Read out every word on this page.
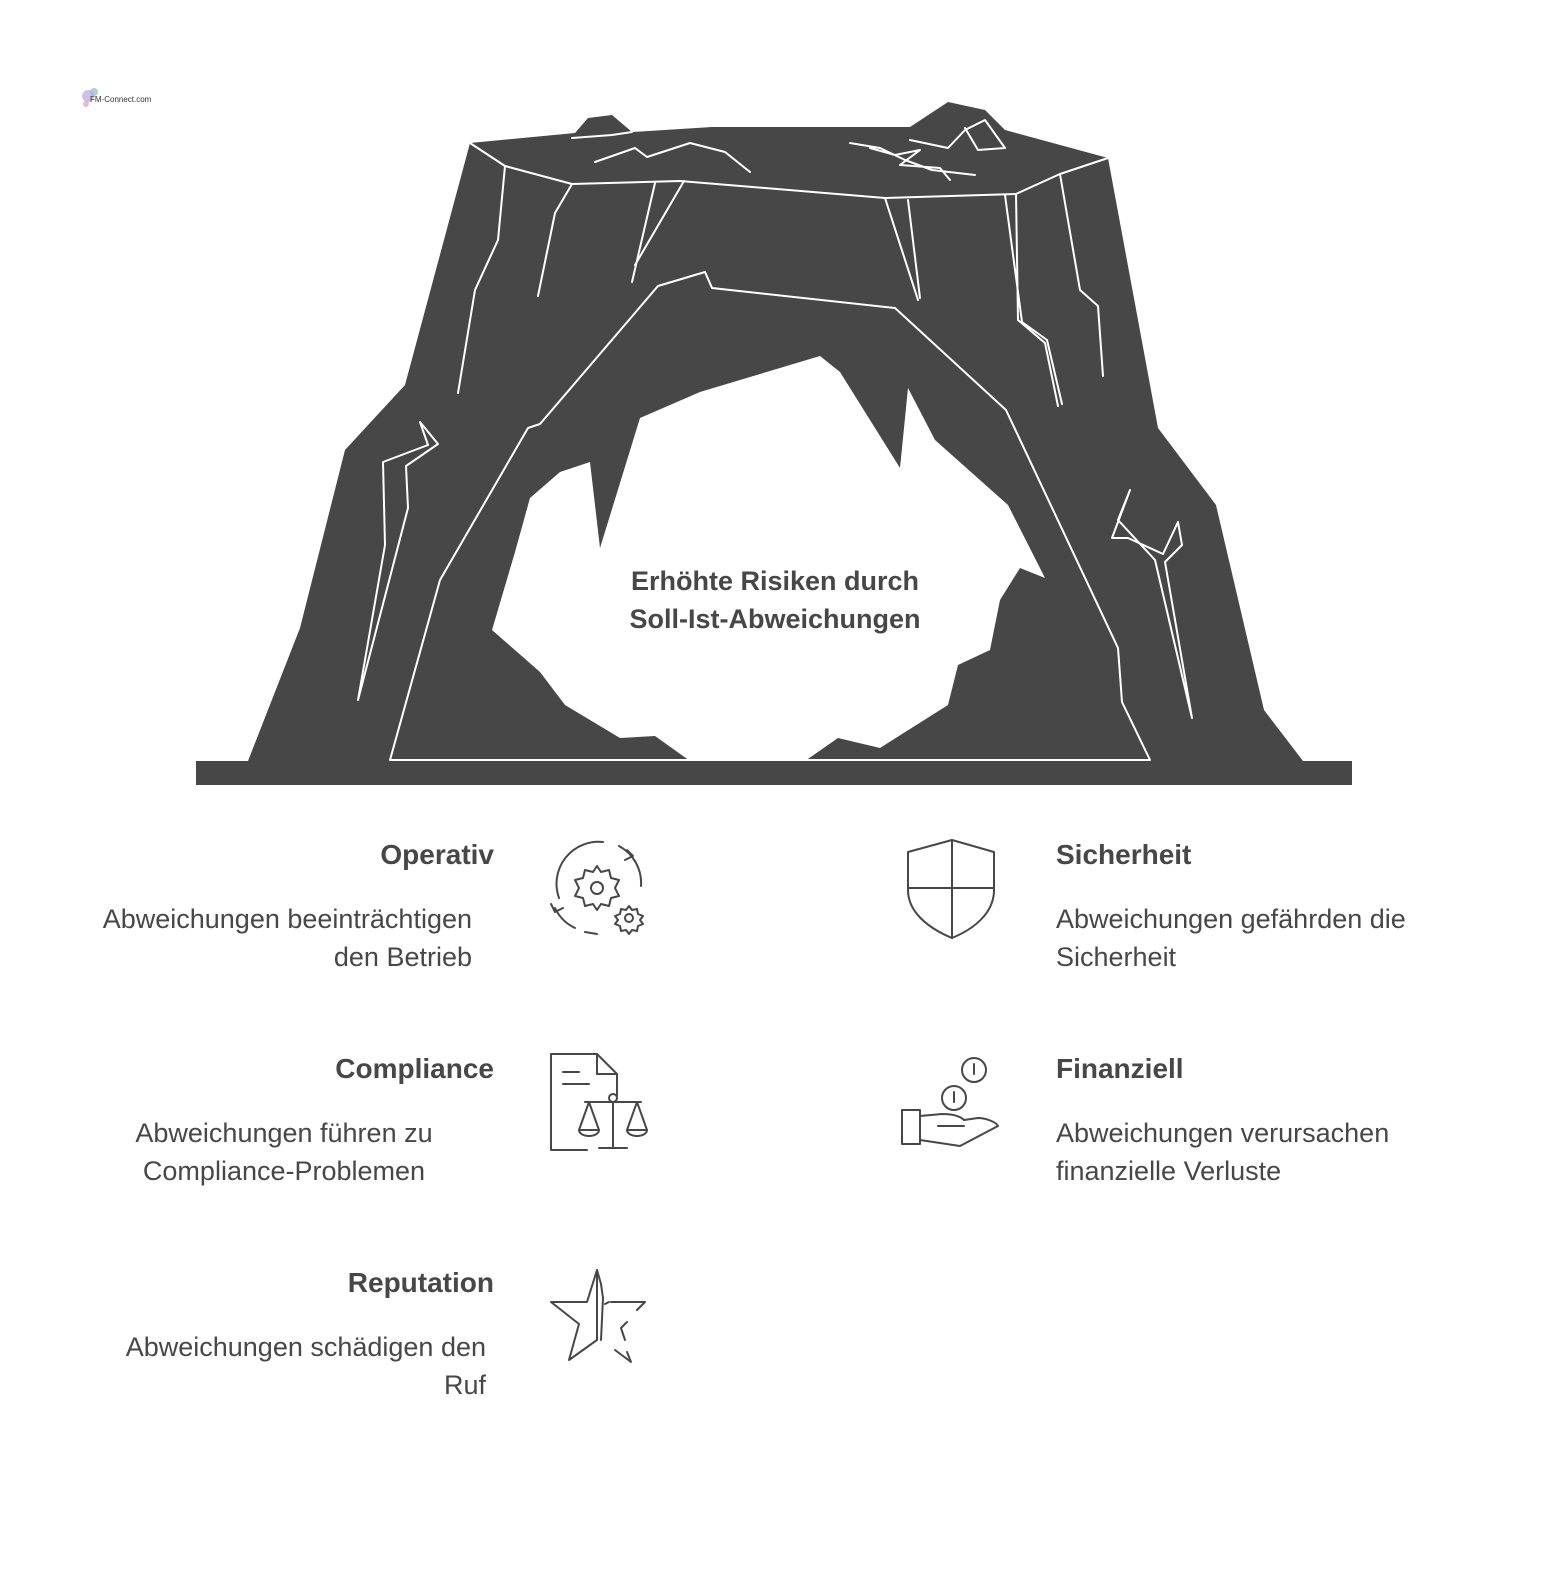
FM-Connect.com
Erhöhte Risiken durch Soll-Ist-Abweichungen
Operativ

Abweichungen beeinträchtigen den Betrieb

Compliance

Abweichungen führen zu Compliance-Problemen

Reputation

Abweichungen schädigen den Ruf

Sicherheit

Abweichungen gefährden die Sicherheit

Finanziell

Abweichungen verursachen finanzielle Verluste
